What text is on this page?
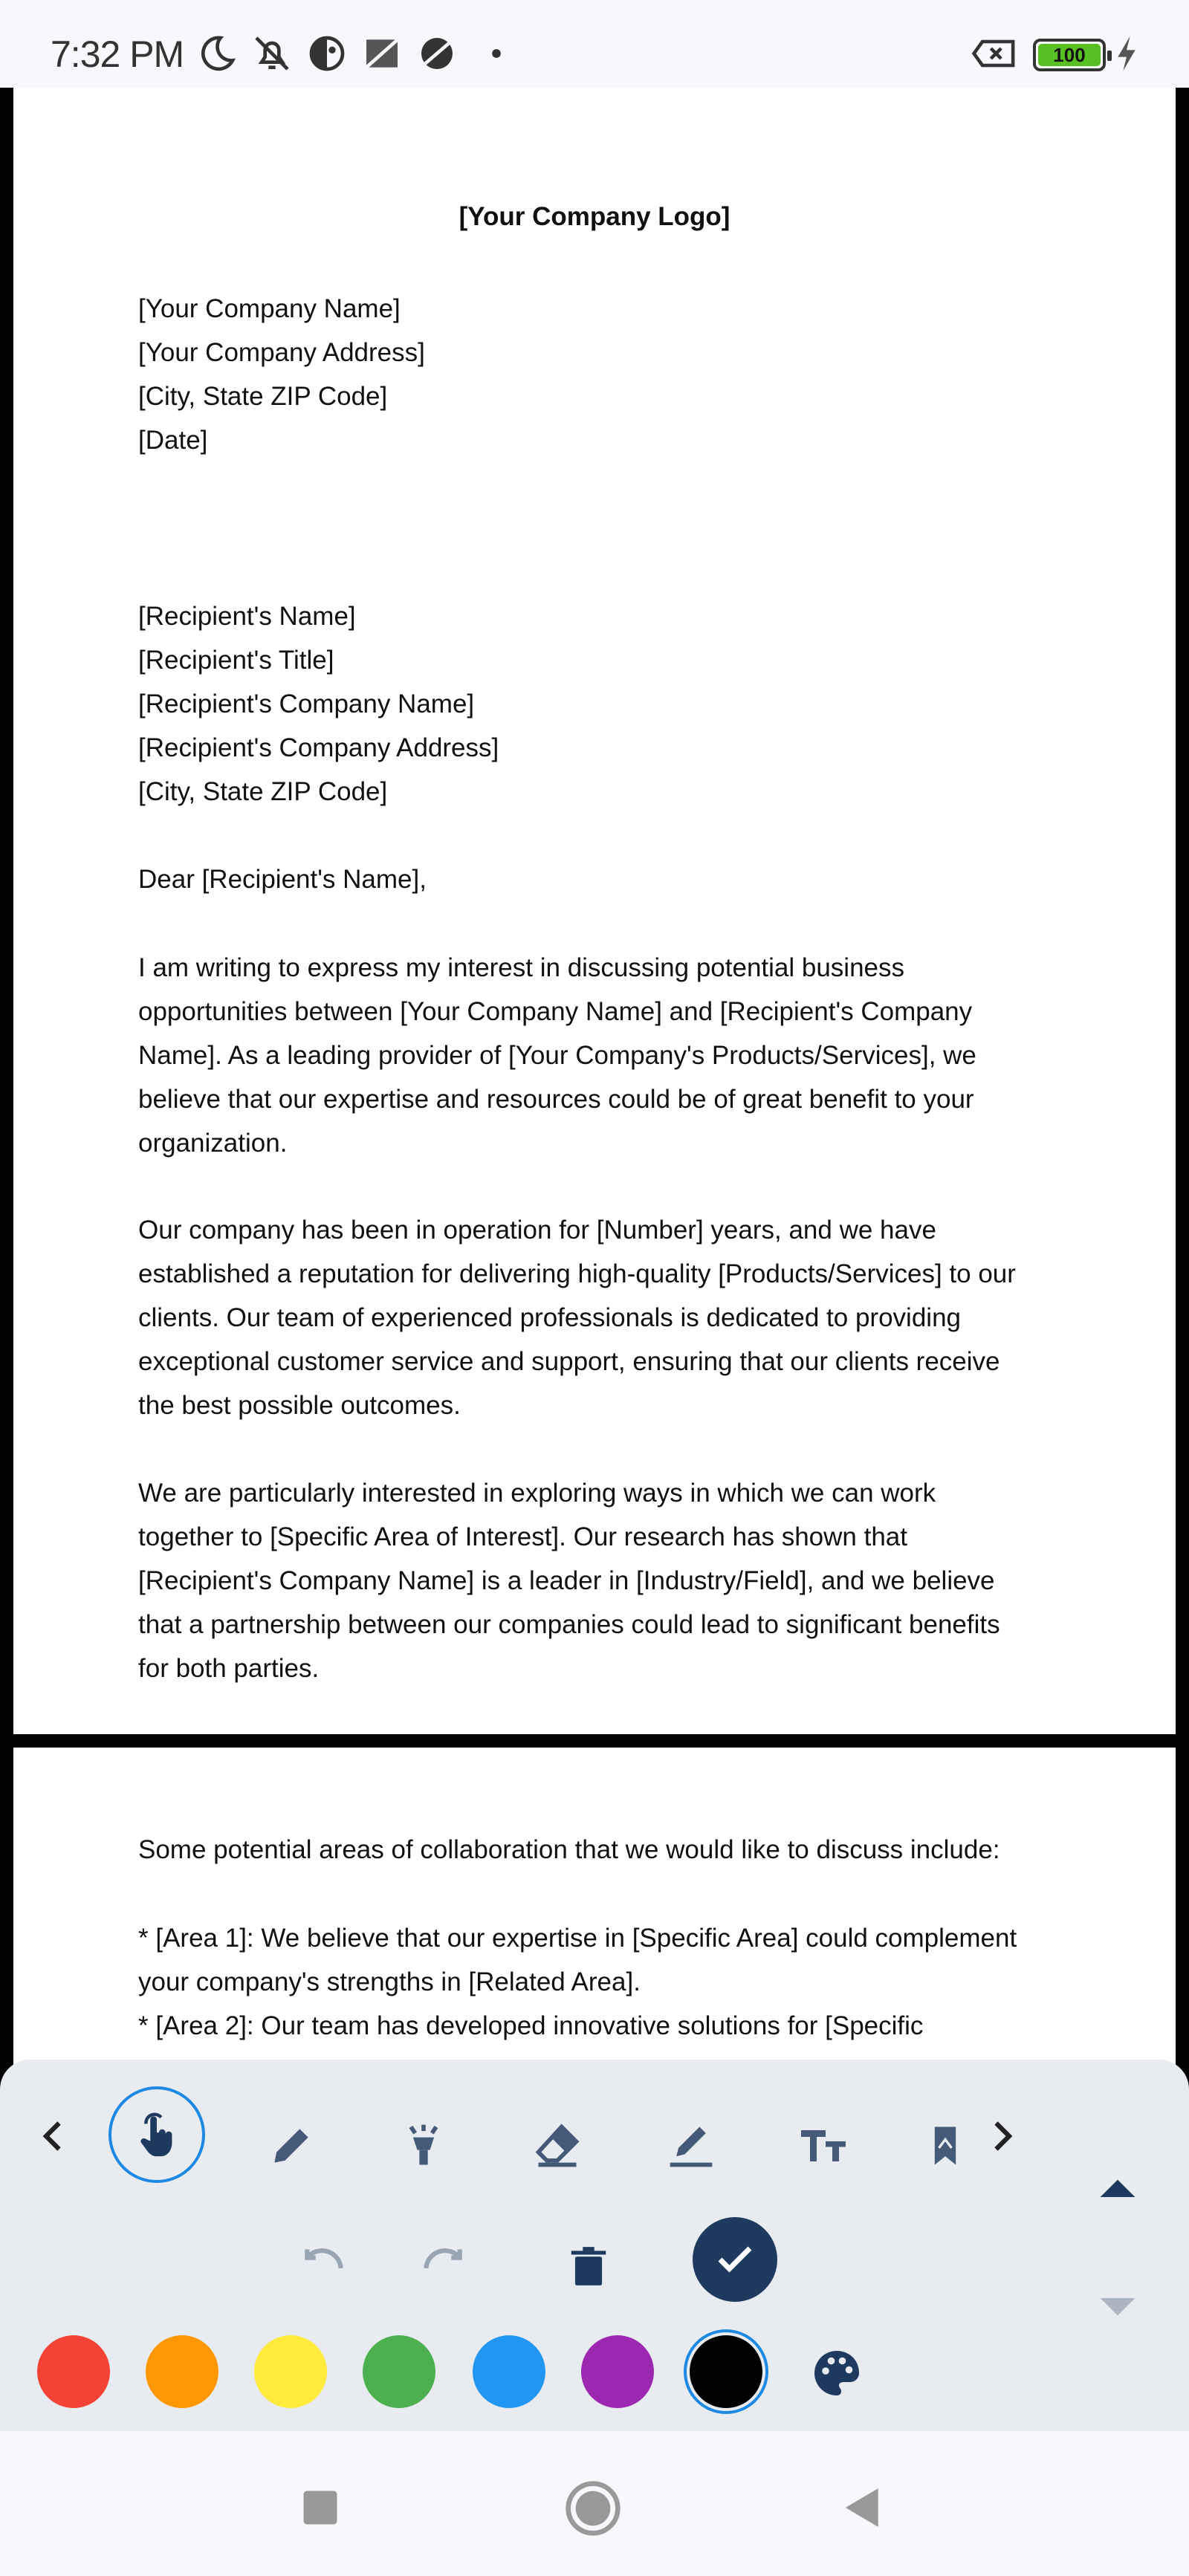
7:32 PM	100
[Your Company Logo]
[Your Company Name]
[Your Company Address]
[City, State ZIP Code]
[Date]
[Recipient's Name]
[Recipient's Title]
[Recipient's Company Name]
[Recipient's Company Address]
[City, State ZIP Code]
Dear [Recipient's Name],
I am writing to express my interest in discussing potential business
opportunities between [Your Company Name] and [Recipient's Company
Name]. As a leading provider of [Your Company's Products/Services], we
believe that our expertise and resources could be of great benefit to your
organization.
Our company has been in operation for [Number] years, and we have
established a reputation for delivering high-quality [Products/Services] to our
clients. Our team of experienced professionals is dedicated to providing
exceptional customer service and support, ensuring that our clients receive
the best possible outcomes.
We are particularly interested in exploring ways in which we can work
together to [Specific Area of Interest]. Our research has shown that
[Recipient's Company Name] is a leader in [Industry/Field], and we believe
that a partnership between our companies could lead to significant benefits
for both parties.
Some potential areas of collaboration that we would like to discuss include:
* [Area 1]: We believe that our expertise in [Specific Area] could complement
your company's strengths in [Related Area].
* [Area 2]: Our team has developed innovative solutions for [Specific
